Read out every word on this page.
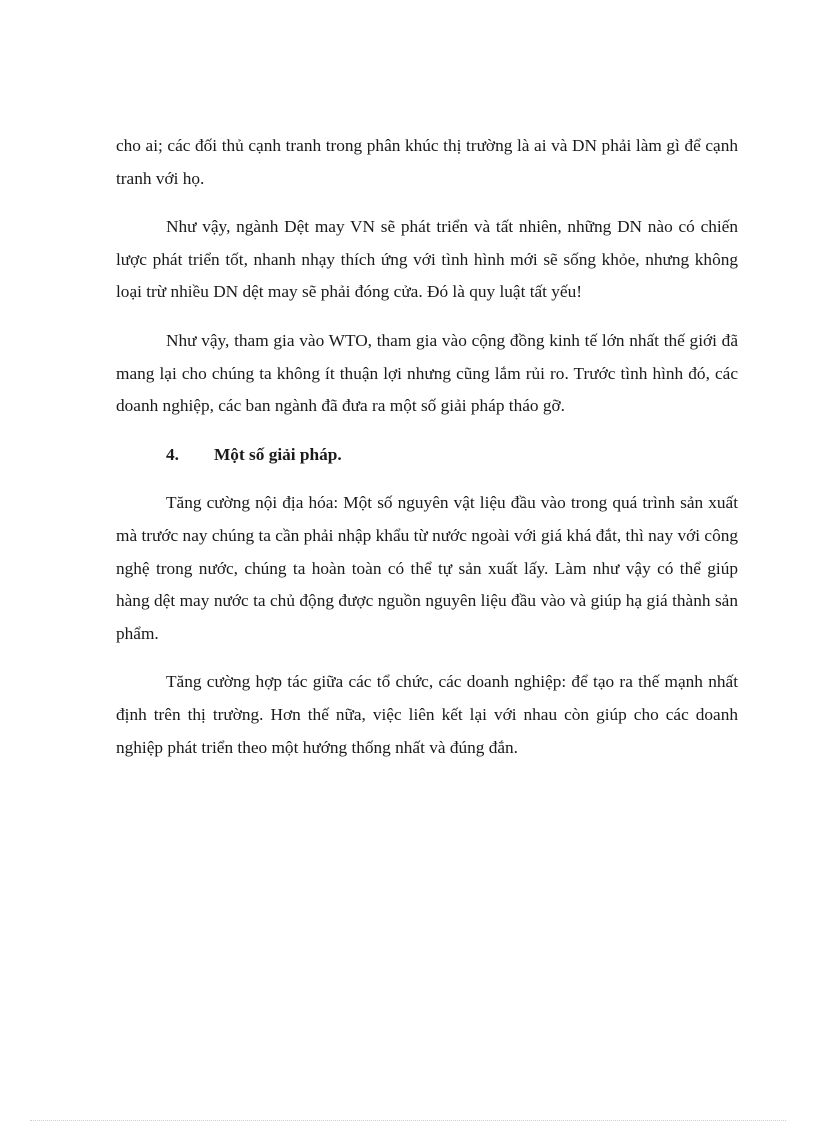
cho ai; các đối thủ cạnh tranh trong phân khúc thị trường là ai và DN phải làm gì để cạnh tranh với họ.

Như vậy, ngành Dệt may VN sẽ phát triển và tất nhiên, những DN nào có chiến lược phát triển tốt, nhanh nhạy thích ứng với tình hình mới sẽ sống khỏe, nhưng không loại trừ nhiều DN dệt may sẽ phải đóng cửa. Đó là quy luật tất yếu!

Như vậy, tham gia vào WTO, tham gia vào cộng đồng kinh tế lớn nhất thế giới đã mang lại cho chúng ta không ít thuận lợi nhưng cũng lắm rủi ro. Trước tình hình đó, các doanh nghiệp, các ban ngành đã đưa ra một số giải pháp tháo gỡ.

4.	Một số giải pháp.

Tăng cường nội địa hóa: Một số nguyên vật liệu đầu vào trong quá trình sản xuất mà trước nay chúng ta cần phải nhập khẩu từ nước ngoài với giá khá đắt, thì nay với công nghệ trong nước, chúng ta hoàn toàn có thể tự sản xuất lấy. Làm như vậy có thể giúp hàng dệt may nước ta chủ động được nguồn nguyên liệu đầu vào và giúp hạ giá thành sản phẩm.

Tăng cường hợp tác giữa các tổ chức, các doanh nghiệp: để tạo ra thế mạnh nhất định trên thị trường. Hơn thế nữa, việc liên kết lại với nhau còn giúp cho các doanh nghiệp phát triển theo một hướng thống nhất và đúng đắn.
